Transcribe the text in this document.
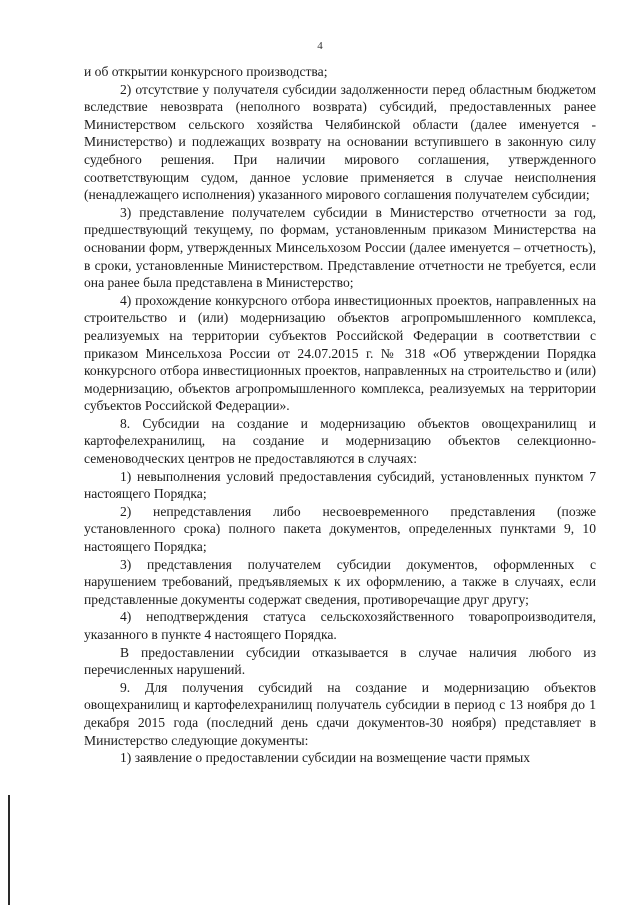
4

и об открытии конкурсного производства;

2) отсутствие у получателя субсидии задолженности перед областным бюджетом вследствие невозврата (неполного возврата) субсидий, предоставленных ранее Министерством сельского хозяйства Челябинской области (далее именуется - Министерство) и подлежащих возврату на основании вступившего в законную силу судебного решения. При наличии мирового соглашения, утвержденного соответствующим судом, данное условие применяется в случае неисполнения (ненадлежащего исполнения) указанного мирового соглашения получателем субсидии;

3) представление получателем субсидии в Министерство отчетности за год, предшествующий текущему, по формам, установленным приказом Министерства на основании форм, утвержденных Минсельхозом России (далее именуется – отчетность), в сроки, установленные Министерством. Представление отчетности не требуется, если она ранее была представлена в Министерство;

4) прохождение конкурсного отбора инвестиционных проектов, направленных на строительство и (или) модернизацию объектов агропромышленного комплекса, реализуемых на территории субъектов Российской Федерации в соответствии с приказом Минсельхоза России от 24.07.2015 г. № 318 «Об утверждении Порядка конкурсного отбора инвестиционных проектов, направленных на строительство и (или) модернизацию, объектов агропромышленного комплекса, реализуемых на территории субъектов Российской Федерации».

8. Субсидии на создание и модернизацию объектов овощехранилищ и картофелехранилищ, на создание и модернизацию объектов селекционно-семеноводческих центров не предоставляются в случаях:

1) невыполнения условий предоставления субсидий, установленных пунктом 7 настоящего Порядка;

2) непредставления либо несвоевременного представления (позже установленного срока) полного пакета документов, определенных пунктами 9, 10 настоящего Порядка;

3) представления получателем субсидии документов, оформленных с нарушением требований, предъявляемых к их оформлению, а также в случаях, если представленные документы содержат сведения, противоречащие друг другу;

4) неподтверждения статуса сельскохозяйственного товаропроизводителя, указанного в пункте 4 настоящего Порядка.

В предоставлении субсидии отказывается в случае наличия любого из перечисленных нарушений.

9. Для получения субсидий на создание и модернизацию объектов овощехранилищ и картофелехранилищ получатель субсидии в период с 13 ноября до 1 декабря 2015 года (последний день сдачи документов-30 ноября) представляет в Министерство следующие документы:

1) заявление о предоставлении субсидии на возмещение части прямых
